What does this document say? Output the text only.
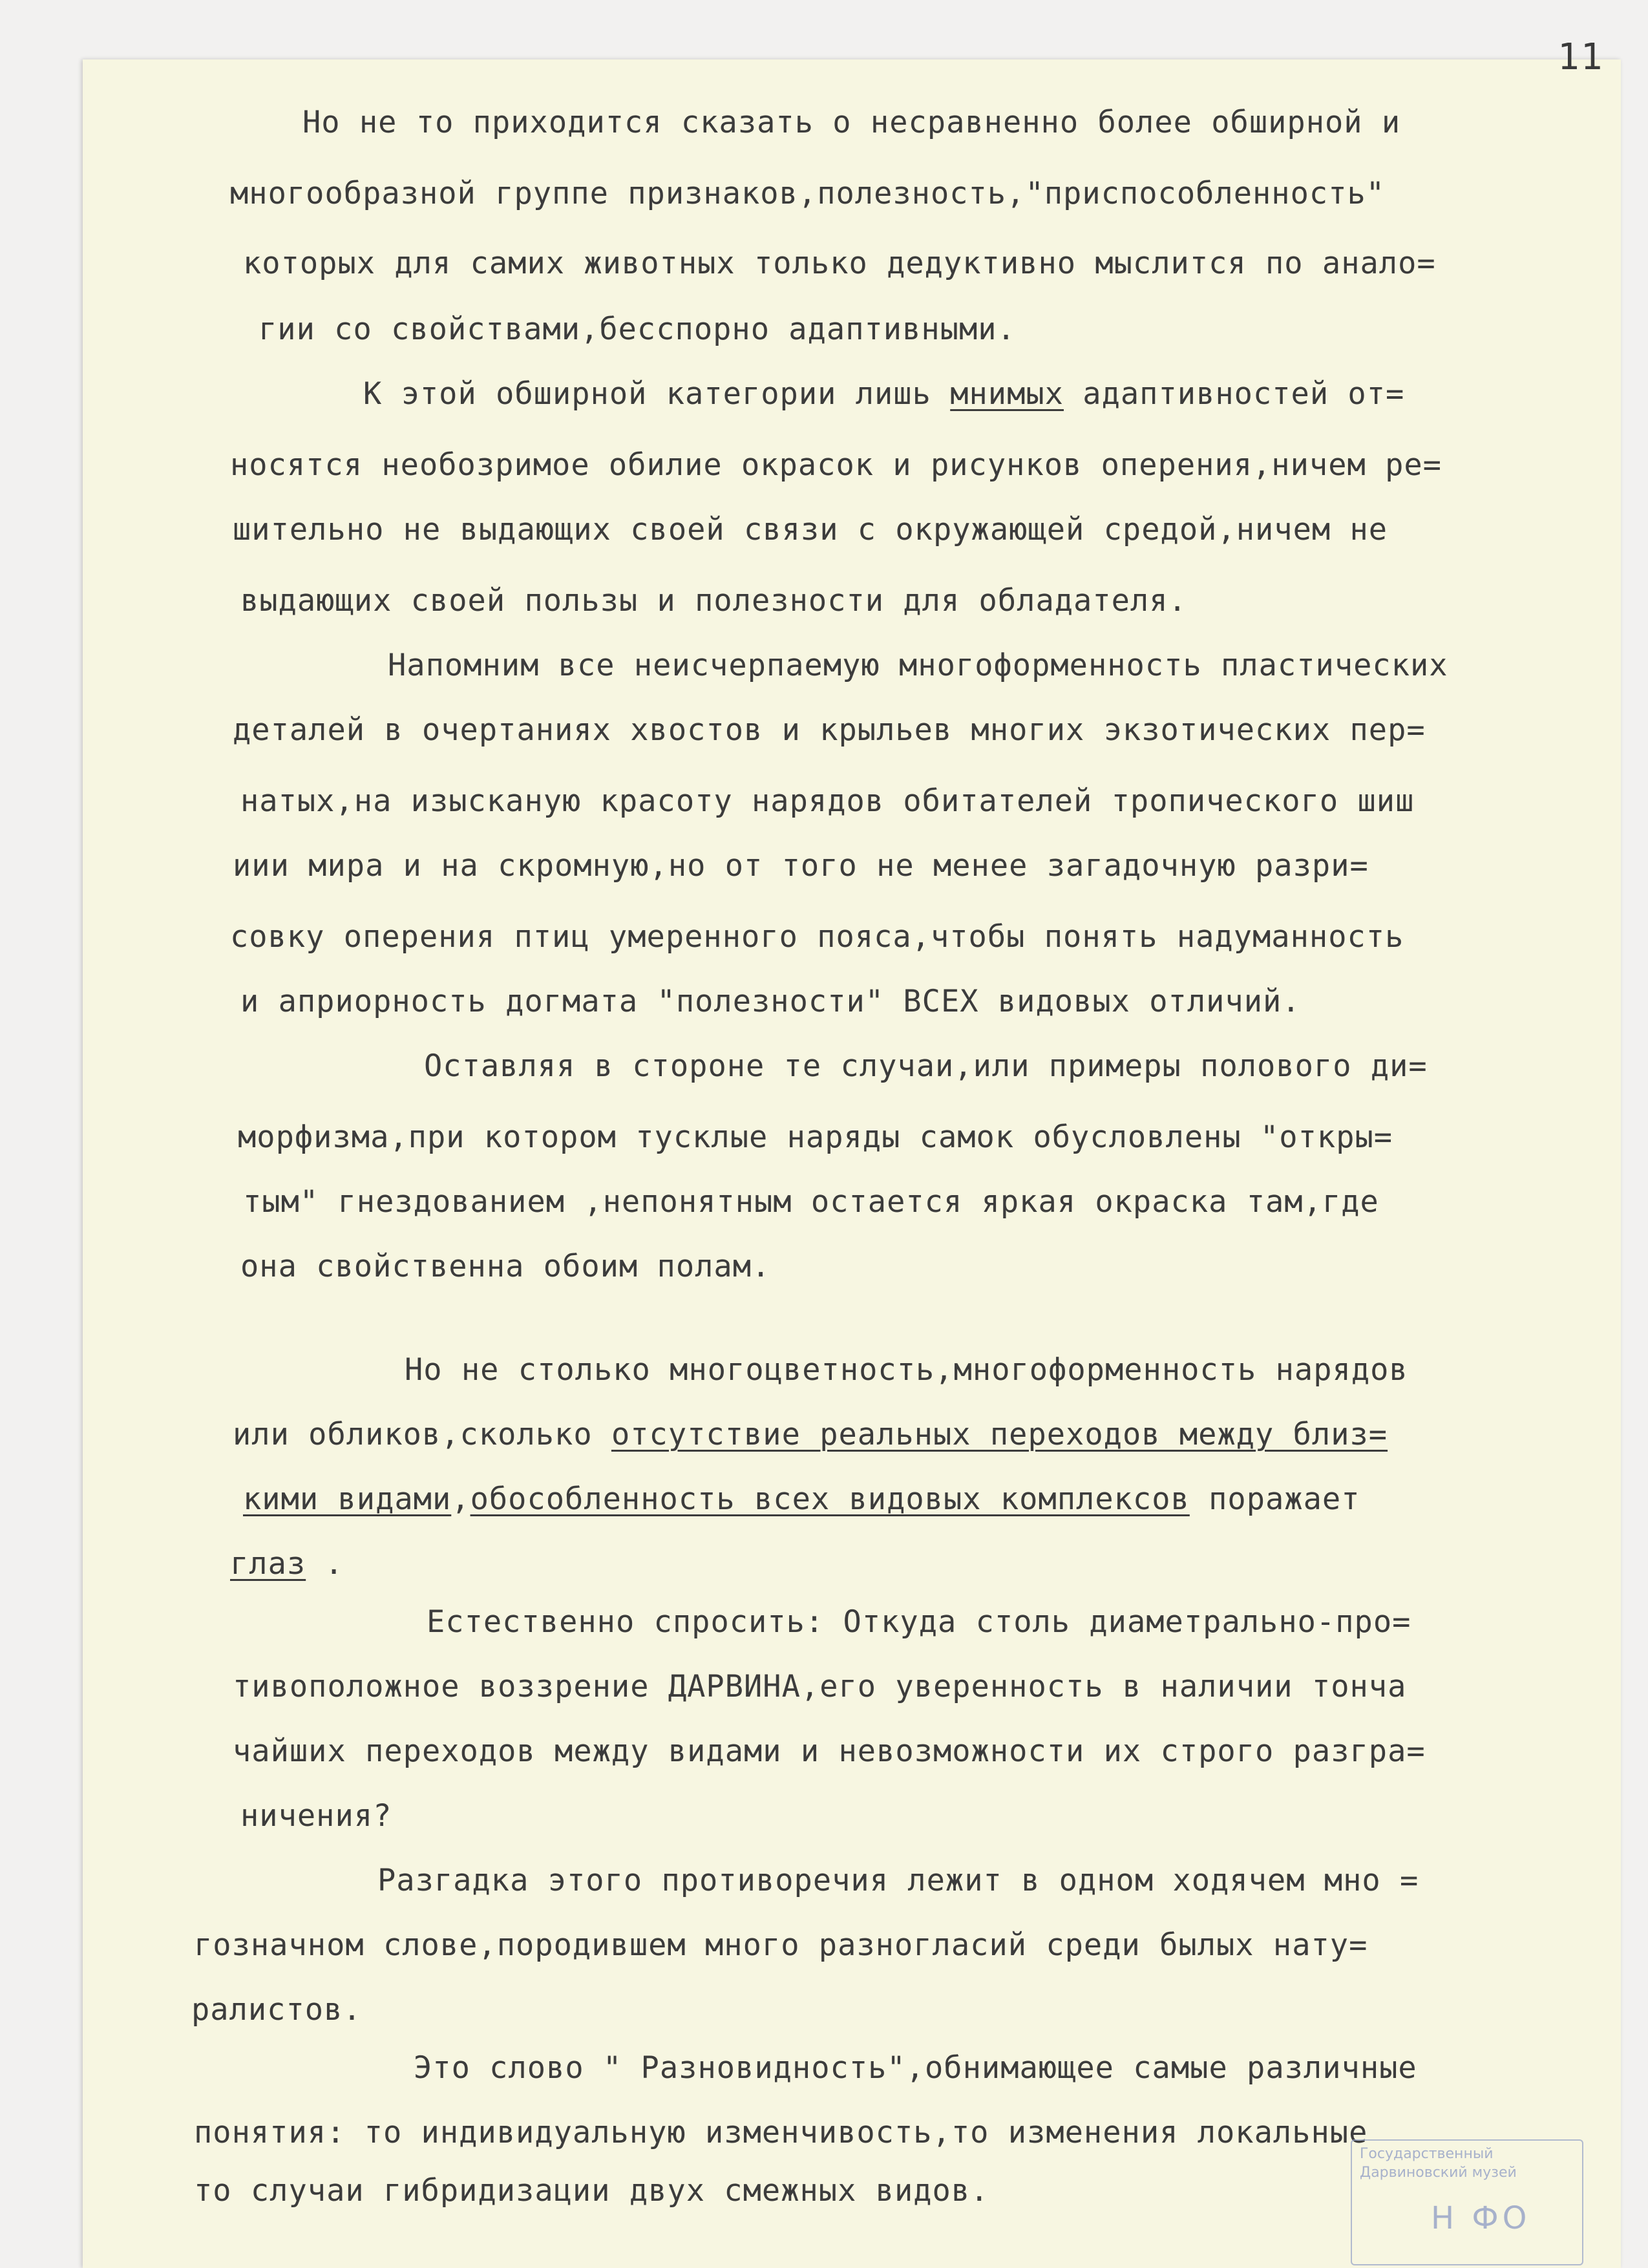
11
Но не то приходится сказать о несравненно более обширной и
многообразной группе признаков,полезность,"приспособленность"
которых для самих животных только дедуктивно мыслится по анало=
гии со свойствами,бесспорно адаптивными.
К этой обширной категории лишь мнимых адаптивностей от=
носятся необозримое обилие окрасок и рисунков оперения,ничем ре=
шительно не выдающих своей связи с окружающей средой,ничем не
выдающих своей пользы и полезности для обладателя.
Напомним все неисчерпаемую многоформенность пластических
деталей в очертаниях хвостов и крыльев многих экзотических пер=
натых,на изысканую красоту нарядов обитателей тропического шиш
иии мира и на скромную,но от того не менее загадочную разри=
совку оперения птиц умеренного пояса,чтобы понять надуманность
и априорность догмата "полезности" ВСЕХ видовых отличий.
Оставляя в стороне те случаи,или примеры полового ди=
морфизма,при котором тусклые наряды самок обусловлены "откры=
тым" гнездованием ,непонятным остается яркая окраска там,где
она свойственна обоим полам.
Но не столько многоцветность,многоформенность нарядов
или обликов,сколько отсутствие реальных переходов между близ=
кими видами,обособленность всех видовых комплексов поражает
глаз .
Естественно спросить: Откуда столь диаметрально-про=
тивоположное воззрение ДАРВИНА,его уверенность в наличии тонча
чайших переходов между видами и невозможности их строго разгра=
ничения?
Разгадка этого противоречия лежит в одном ходячем мно =
гозначном слове,породившем много разногласий среди былых нату=
ралистов.
Это слово " Разновидность",обнимающее самые различные
понятия: то индивидуальную изменчивость,то изменения локальные
то случаи гибридизации двух смежных видов.
Государственный
Дарвиновский музей
Н ФО
